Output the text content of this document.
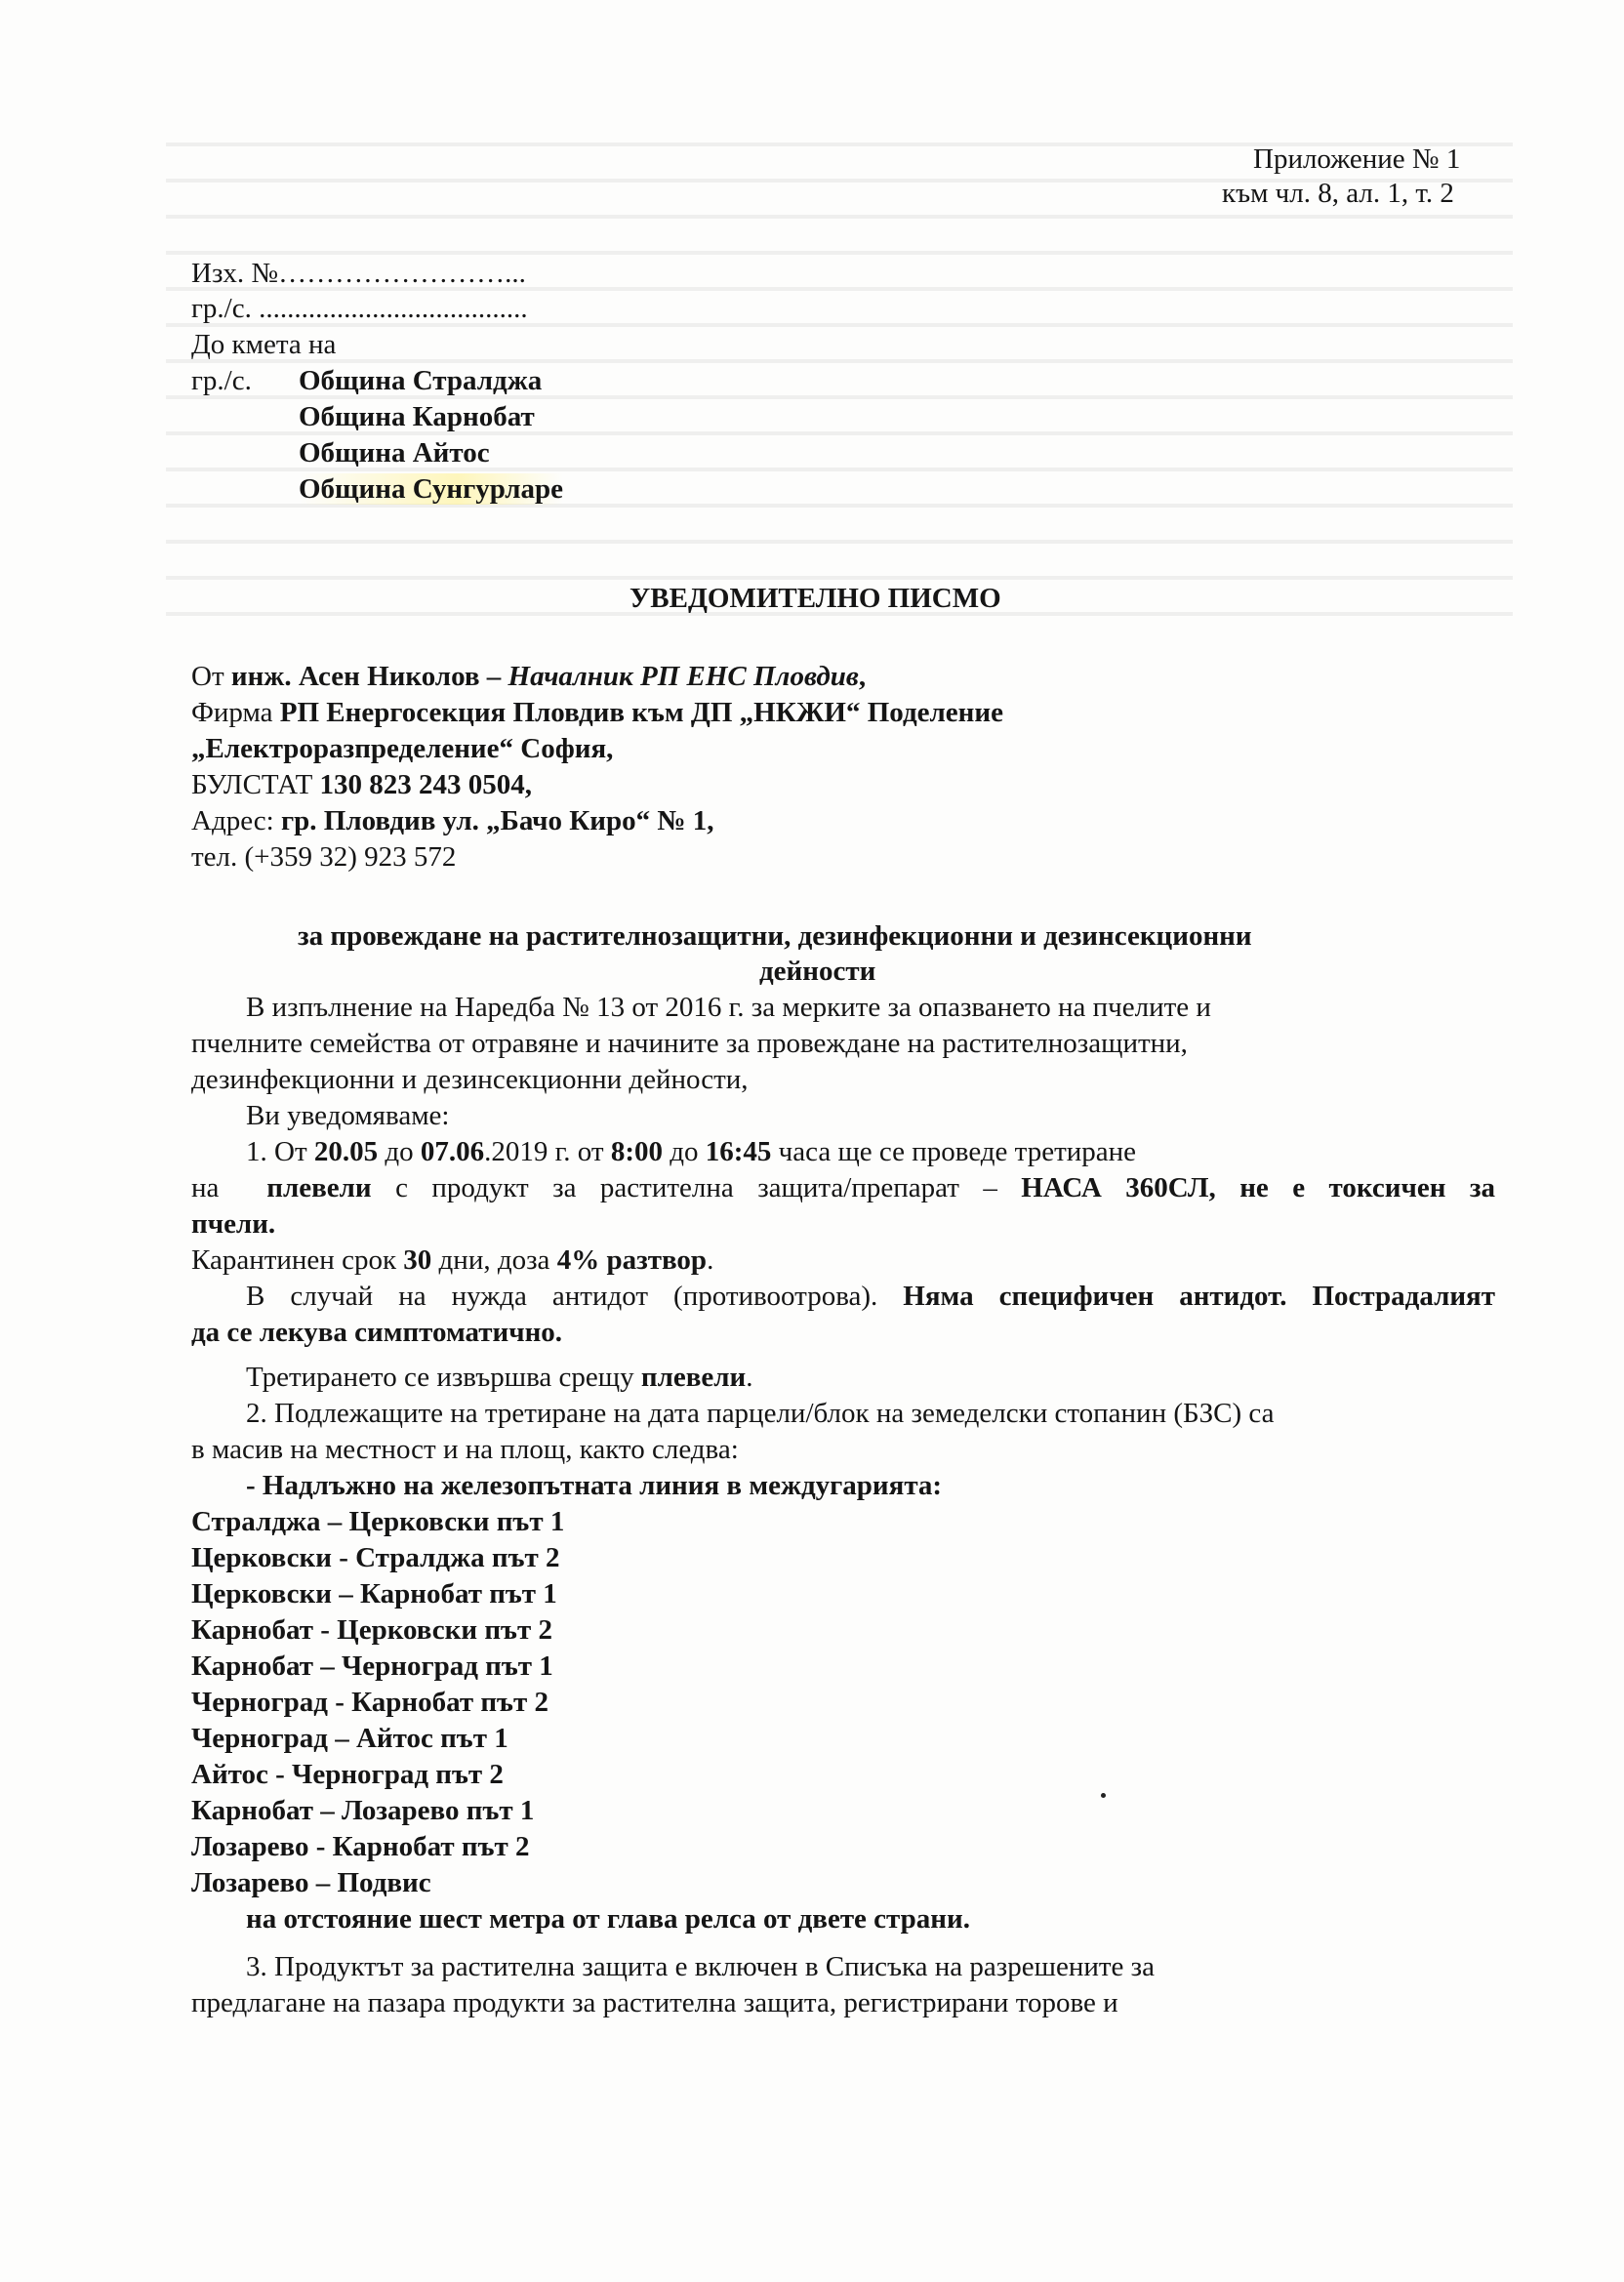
Приложение № 1
към чл. 8, ал. 1, т. 2
Изх. №……………………...
гр./с. ......................................
До кмета на
гр./с. Община Стралджа
Община Карнобат
Община Айтос
Община Сунгурларе
УВЕДОМИТЕЛНО ПИСМО
От инж. Асен Николов – Началник РП ЕНС Пловдив,
Фирма РП Енергосекция Пловдив към ДП „НКЖИ“ Поделение
„Електроразпределение“ София,
БУЛСТАТ 130 823 243 0504,
Адрес: гр. Пловдив ул. „Бачо Киро“ № 1,
тел. (+359 32) 923 572
за провеждане на растителнозащитни, дезинфекционни и дезинсекционни
дейности
В изпълнение на Наредба № 13 от 2016 г. за мерките за опазването на пчелите и
пчелните семейства от отравяне и начините за провеждане на растителнозащитни,
дезинфекционни и дезинсекционни дейности,
Ви уведомяваме:
1. От 20.05 до 07.06.2019 г. от 8:00 до 16:45 часа ще се проведе третиране
на плевели с продукт за растителна защита/препарат – НАСА 360СЛ, не е токсичен за
пчели.
Карантинен срок 30 дни, доза 4% разтвор.
В случай на нужда антидот (противоотрова). Няма специфичен антидот. Пострадалият
да се лекува симптоматично.
Третирането се извършва срещу плевели.
2. Подлежащите на третиране на дата парцели/блок на земеделски стопанин (БЗС) са
в масив на местност и на площ, както следва:
- Надлъжно на железопътната линия в междугарията:
Стралджа – Церковски път 1
Церковски - Стралджа път 2
Церковски – Карнобат път 1
Карнобат - Церковски път 2
Карнобат – Черноград път 1
Черноград - Карнобат път 2
Черноград – Айтос път 1
Айтос - Черноград път 2
Карнобат – Лозарево път 1
Лозарево - Карнобат път 2
Лозарево – Подвис
на отстояние шест метра от глава релса от двете страни.
3. Продуктът за растителна защита е включен в Списъка на разрешените за
предлагане на пазара продукти за растителна защита, регистрирани торове и
